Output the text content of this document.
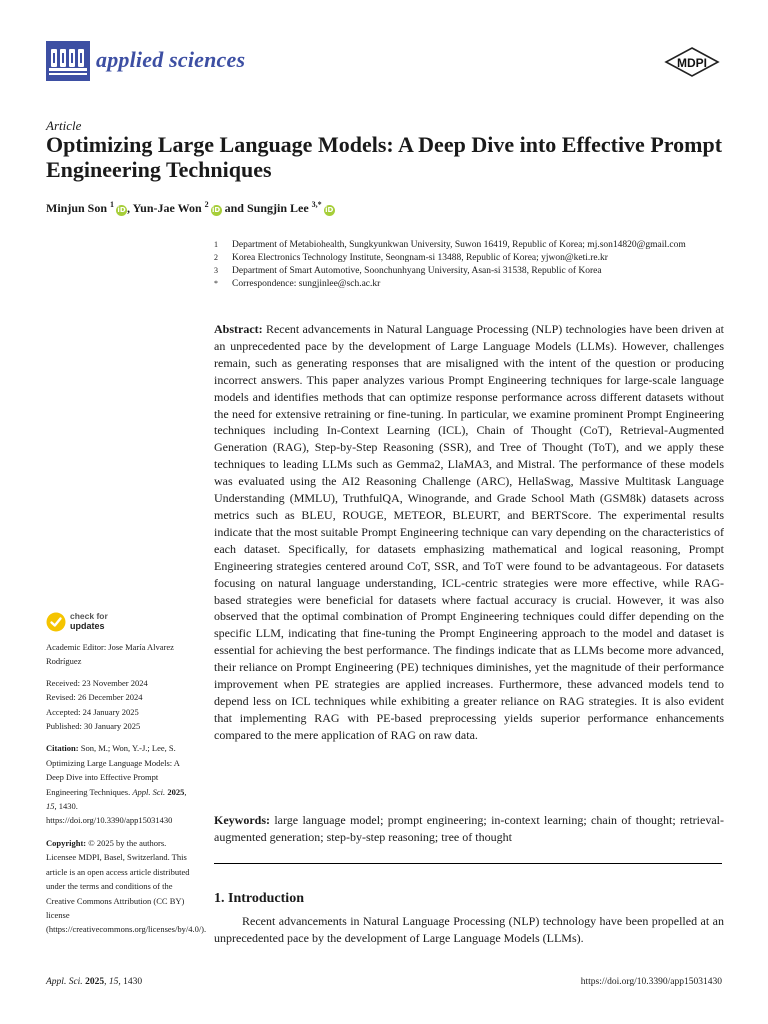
applied sciences	MDPI
Article
Optimizing Large Language Models: A Deep Dive into Effective Prompt Engineering Techniques
Minjun Son $^1$iD, Yun-Jae Won $^2$iD and Sungjin Lee $^{3,*}$iD
1	Department of Metabiohealth, Sungkyunkwan University, Suwon 16419, Republic of Korea; mj.son14820@gmail.com
2	Korea Electronics Technology Institute, Seongnam-si 13488, Republic of Korea; yjwon@keti.re.kr
3	Department of Smart Automotive, Soonchunhyang University, Asan-si 31538, Republic of Korea
*	Correspondence: sungjinlee@sch.ac.kr
Abstract: Recent advancements in Natural Language Processing (NLP) technologies have been driven at an unprecedented pace by the development of Large Language Models (LLMs). However, challenges remain, such as generating responses that are misaligned with the intent of the question or producing incorrect answers. This paper analyzes various Prompt Engineering techniques for large-scale language models and identifies methods that can optimize response performance across different datasets without the need for extensive retraining or fine-tuning. In particular, we examine prominent Prompt Engineering techniques including In-Context Learning (ICL), Chain of Thought (CoT), Retrieval-Augmented Generation (RAG), Step-by-Step Reasoning (SSR), and Tree of Thought (ToT), and we apply these techniques to leading LLMs such as Gemma2, LlaMA3, and Mistral. The performance of these models was evaluated using the AI2 Reasoning Challenge (ARC), HellaSwag, Massive Multitask Language Understanding (MMLU), TruthfulQA, Winogrande, and Grade School Math (GSM8k) datasets across metrics such as BLEU, ROUGE, METEOR, BLEURT, and BERTScore. The experimental results indicate that the most suitable Prompt Engineering technique can vary depending on the characteristics of each dataset. Specifically, for datasets emphasizing mathematical and logical reasoning, Prompt Engineering strategies centered around CoT, SSR, and ToT were found to be advantageous. For datasets focusing on natural language understanding, ICL-centric strategies were more effective, while RAG-based strategies were beneficial for datasets where factual accuracy is crucial. However, it was also observed that the optimal combination of Prompt Engineering techniques could differ depending on the specific LLM, indicating that fine-tuning the Prompt Engineering approach to the model and dataset is essential for achieving the best performance. The findings indicate that as LLMs become more advanced, their reliance on Prompt Engineering (PE) techniques diminishes, yet the magnitude of their performance improvement when PE strategies are applied increases. Furthermore, these advanced models tend to depend less on ICL techniques while exhibiting a greater reliance on RAG strategies. It is also evident that implementing RAG with PE-based preprocessing yields superior performance enhancements compared to the mere application of RAG on raw data.
Keywords: large language model; prompt engineering; in-context learning; chain of thought; retrieval-augmented generation; step-by-step reasoning; tree of thought
1. Introduction
Recent advancements in Natural Language Processing (NLP) technology have been propelled at an unprecedented pace by the development of Large Language Models (LLMs).
check for
updates

Academic Editor: Jose María Alvarez Rodríguez

Received: 23 November 2024

Revised: 26 December 2024

Accepted: 24 January 2025

Published: 30 January 2025

Citation: Son, M.; Won, Y.-J.; Lee, S. Optimizing Large Language Models: A Deep Dive into Effective Prompt Engineering Techniques. Appl. Sci. 2025, 15, 1430. https://doi.org/10.3390/app15031430

Copyright: © 2025 by the authors. Licensee MDPI, Basel, Switzerland. This article is an open access article distributed under the terms and conditions of the Creative Commons Attribution (CC BY) license (https://creativecommons.org/licenses/by/4.0/).

Appl. Sci. 2025, 15, 1430	https://doi.org/10.3390/app15031430
